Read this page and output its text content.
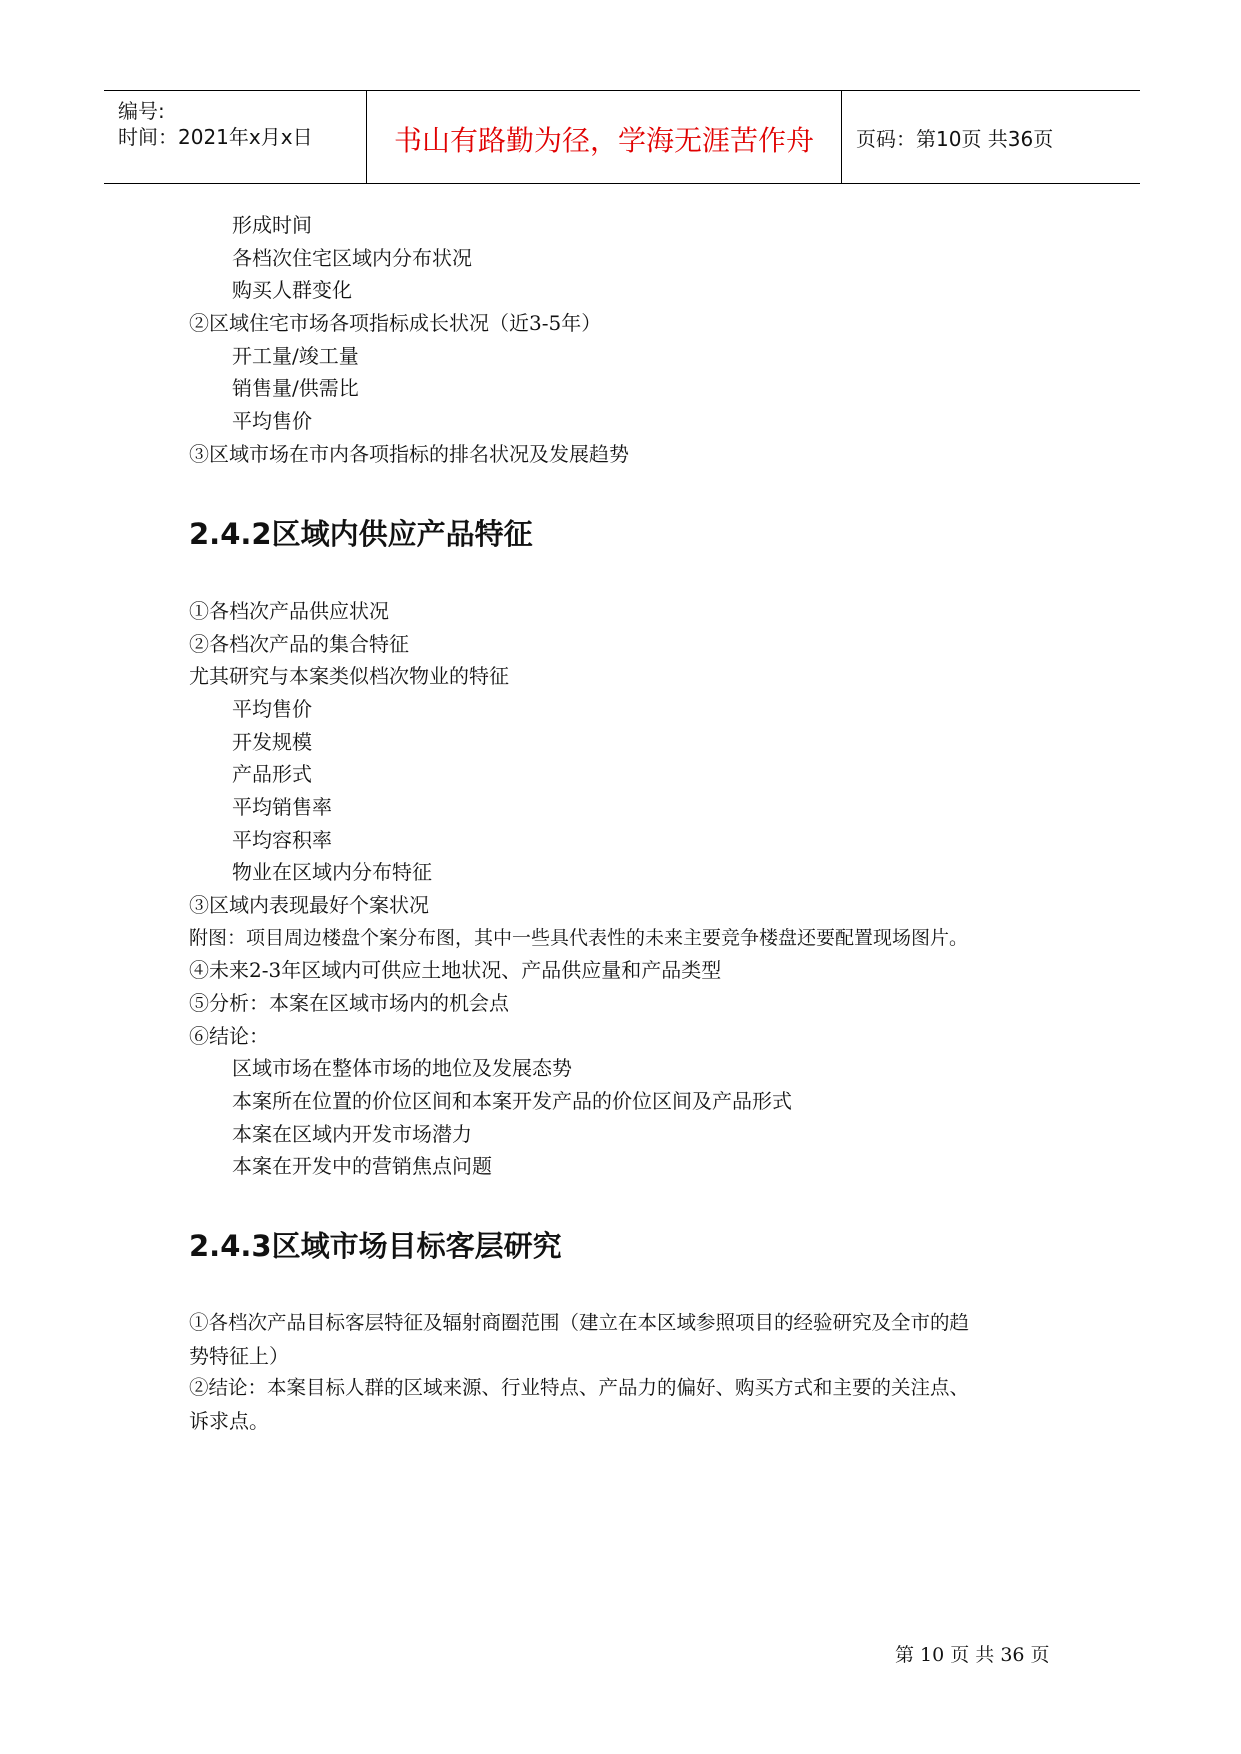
编号:
时间：2021年x月x日	书山有路勤为径，学海无涯苦作舟	页码：第10页 共36页
形成时间
各档次住宅区域内分布状况
购买人群变化
②区域住宅市场各项指标成长状况（近3-5年）
开工量/竣工量
销售量/供需比
平均售价
③区域市场在市内各项指标的排名状况及发展趋势
2.4.2区域内供应产品特征
①各档次产品供应状况
②各档次产品的集合特征
尤其研究与本案类似档次物业的特征
平均售价
开发规模
产品形式
平均销售率
平均容积率
物业在区域内分布特征
③区域内表现最好个案状况
附图：项目周边楼盘个案分布图，其中一些具代表性的未来主要竞争楼盘还要配置现场图片。
④未来2-3年区域内可供应土地状况、产品供应量和产品类型
⑤分析：本案在区域市场内的机会点
⑥结论：
区域市场在整体市场的地位及发展态势
本案所在位置的价位区间和本案开发产品的价位区间及产品形式
本案在区域内开发市场潜力
本案在开发中的营销焦点问题
2.4.3区域市场目标客层研究
①各档次产品目标客层特征及辐射商圈范围（建立在本区域参照项目的经验研究及全市的趋
势特征上）
②结论：本案目标人群的区域来源、行业特点、产品力的偏好、购买方式和主要的关注点、
诉求点。
第 10 页 共 36 页
